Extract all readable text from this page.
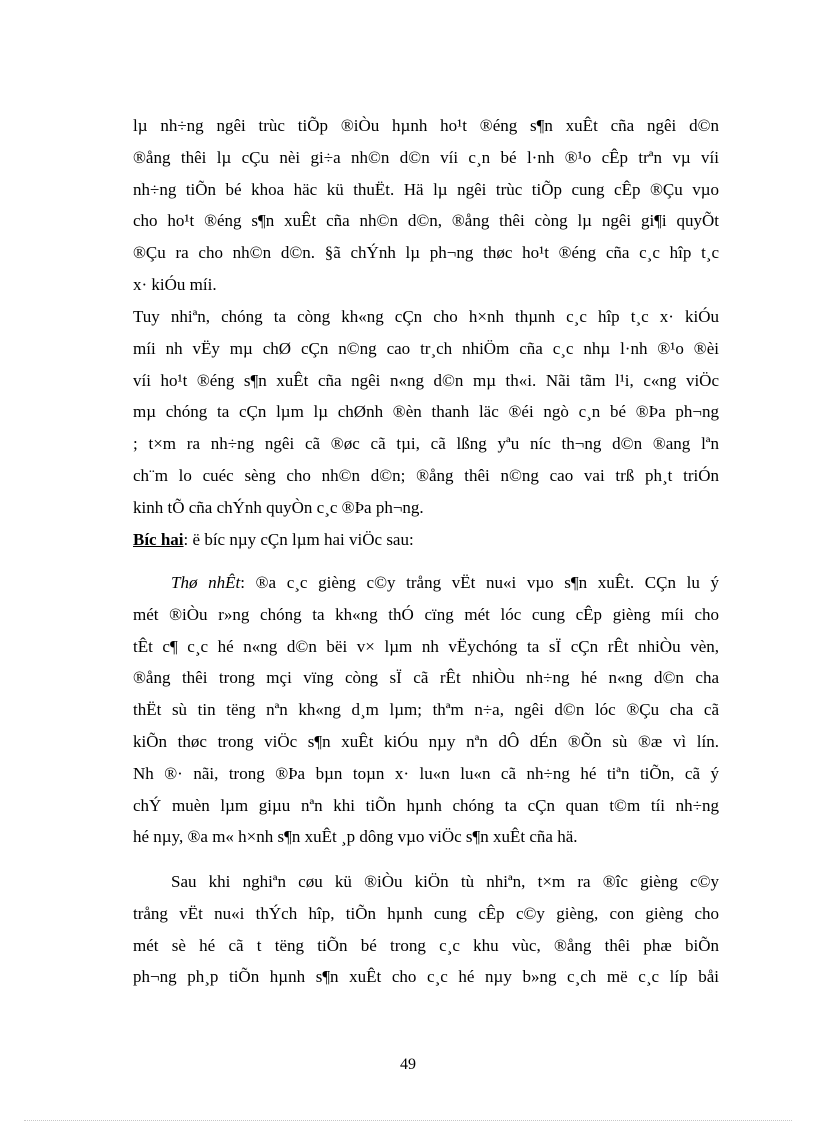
lµ nh÷ng ngêi trùc tiÕp ®iÒu hµnh ho¹t ®éng s¶n xuÊt cña ngêi d©n
®ång thêi lµ cÇu nèi gi÷a nh©n d©n víi c¸n bé l·nh ®¹o cÊp trªn vµ víi
nh÷ng tiÕn bé khoa häc kü thuËt. Hä lµ ngêi trùc tiÕp cung cÊp ®Çu vµo
cho ho¹t ®éng s¶n xuÊt cña nh©n d©n, ®ång thêi còng lµ ngêi gi¶i quyÕt
®Çu ra cho nh©n d©n. §ã chÝnh lµ ph¬ng thøc ho¹t ®éng cña c¸c hîp t¸c
x· kiÓu míi.
Tuy nhiªn, chóng ta còng kh«ng cÇn cho h×nh thµnh c¸c hîp t¸c x· kiÓu
míi nh vËy mµ chØ cÇn n©ng cao tr¸ch nhiÖm cña c¸c nhµ l·nh ®¹o ®èi
víi ho¹t ®éng s¶n xuÊt cña ngêi n«ng d©n mµ th«i. Nãi tãm l¹i, c«ng viÖc
mµ chóng ta cÇn lµm lµ chØnh ®èn thanh läc ®éi ngò c¸n bé ®Þa ph¬ng
; t×m ra nh÷ng ngêi cã ®øc cã tµi, cã lßng yªu níc th¬ng d©n ®ang lªn
ch¨m lo cuéc sèng cho nh©n d©n; ®ång thêi n©ng cao vai trß ph¸t triÓn
kinh tÕ cña chÝnh quyÒn c¸c ®Þa ph¬ng.
Bíc hai: ë bíc nµy cÇn lµm hai viÖc sau:
Thø nhÊt: ®a c¸c gièng c©y trång vËt nu«i vµo s¶n xuÊt. CÇn lu ý
mét ®iÒu r»ng chóng ta kh«ng thÓ cïng mét lóc cung cÊp gièng míi cho
tÊt c¶ c¸c hé n«ng d©n bëi v× lµm nh vËychóng ta sÏ cÇn rÊt nhiÒu vèn,
®ång thêi trong mçi vïng còng sÏ cã rÊt nhiÒu nh÷ng hé n«ng d©n cha
thËt sù tin tëng nªn kh«ng d¸m lµm; thªm n÷a, ngêi d©n lóc ®Çu cha cã
kiÕn thøc trong viÖc s¶n xuÊt kiÓu nµy nªn dÔ dÉn ®Õn sù ®æ vì lín.
Nh ®· nãi, trong ®Þa bµn toµn x· lu«n lu«n cã nh÷ng hé tiªn tiÕn, cã ý
chÝ muèn lµm giµu nªn khi tiÕn hµnh chóng ta cÇn quan t©m tíi nh÷ng
hé nµy, ®a m« h×nh s¶n xuÊt ¸p dông vµo viÖc s¶n xuÊt cña hä.
Sau khi nghiªn cøu kü ®iÒu kiÖn tù nhiªn, t×m ra ®îc gièng c©y
trång vËt nu«i thÝch hîp, tiÕn hµnh cung cÊp c©y gièng, con gièng cho
mét sè hé cã t tëng tiÕn bé trong c¸c khu vùc, ®ång thêi phæ biÕn
ph¬ng ph¸p tiÕn hµnh s¶n xuÊt cho c¸c hé nµy b»ng c¸ch më c¸c líp båi
49
